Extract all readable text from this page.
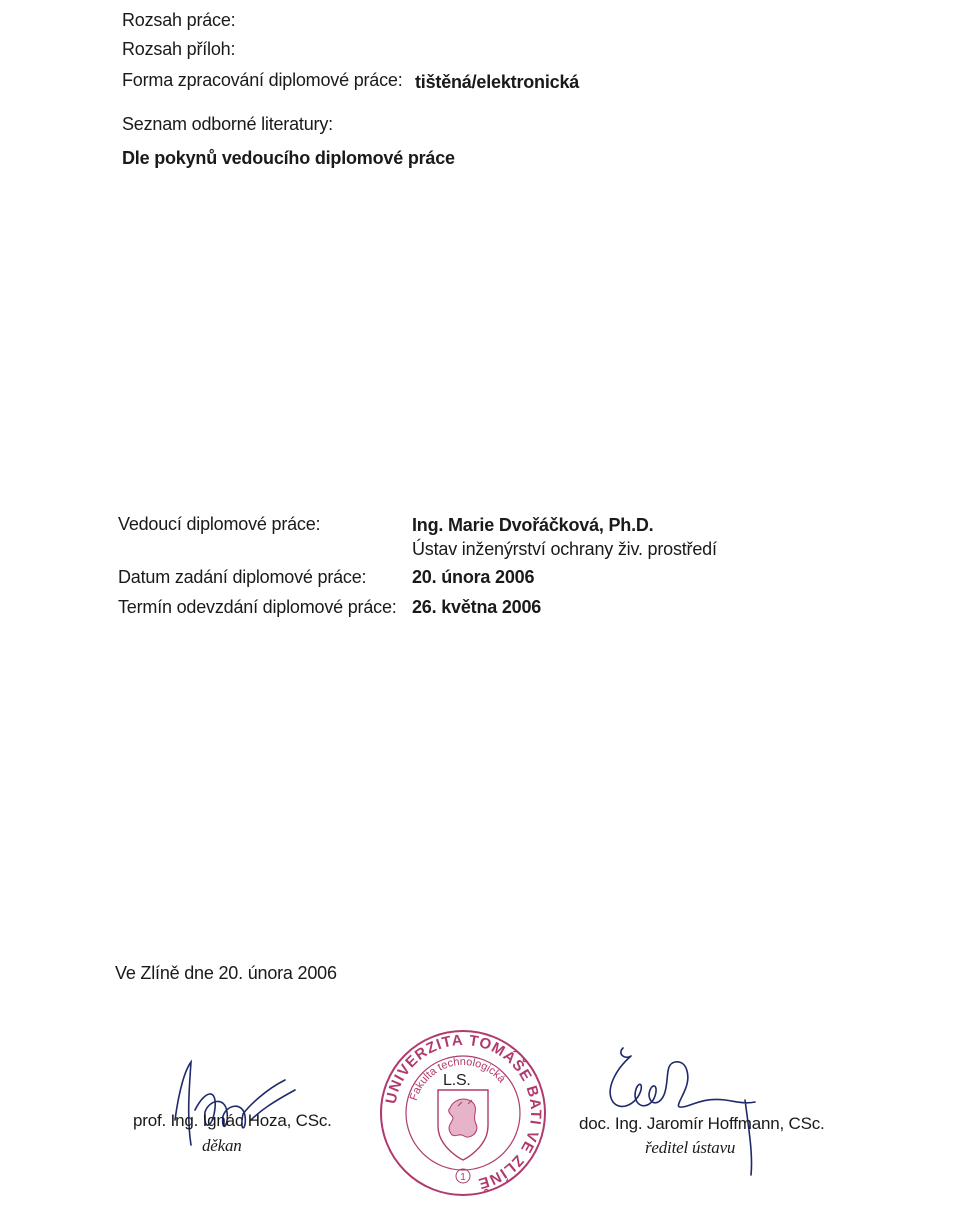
Rozsah práce:
Rozsah příloh:
Forma zpracování diplomové práce: tištěná/elektronická
Seznam odborné literatury:
Dle pokynů vedoucího diplomové práce
Vedoucí diplomové práce:	Ing. Marie Dvořáčková, Ph.D.
Ústav inženýrství ochrany živ. prostředí
Datum zadání diplomové práce:	20. února 2006
Termín odevzdání diplomové práce: 26. května 2006
Ve Zlíně dne 20. února 2006
UNIVERZITA TOMÁŠE BATI VE ZLÍNĚ
Fakulta technologická
1
L.S.
prof. Ing. Ignác Hoza, CSc.
děkan
doc. Ing. Jaromír Hoffmann, CSc.
ředitel ústavu
